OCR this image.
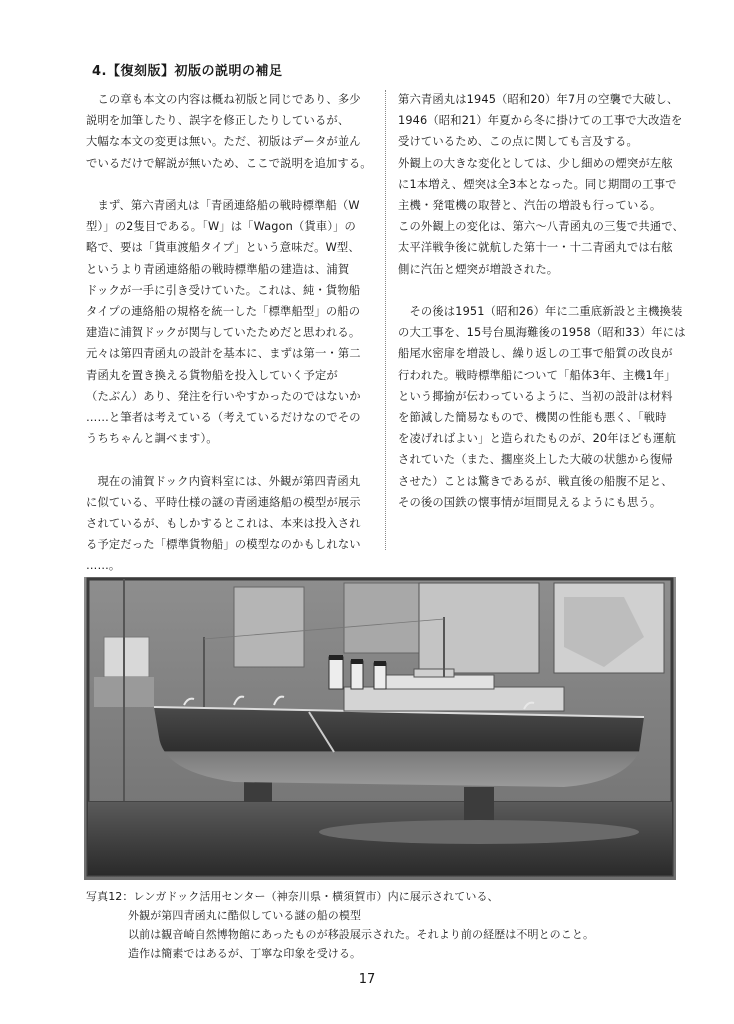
4.【復刻版】初版の説明の補足

　この章も本文の内容は概ね初版と同じであり、多少

説明を加筆したり、誤字を修正したりしているが、

大幅な本文の変更は無い。ただ、初版はデータが並ん

でいるだけで解説が無いため、ここで説明を追加する。

　まず、第六青函丸は「青函連絡船の戦時標準船（W

型）」の2隻目である。「W」は「Wagon（貨車）」の

略で、要は「貨車渡船タイプ」という意味だ。W型、

というより青函連絡船の戦時標準船の建造は、浦賀

ドックが一手に引き受けていた。これは、純・貨物船

タイプの連絡船の規格を統一した「標準船型」の船の

建造に浦賀ドックが関与していたためだと思われる。

元々は第四青函丸の設計を基本に、まずは第一・第二

青函丸を置き換える貨物船を投入していく予定が

（たぶん）あり、発注を行いやすかったのではないか

……と筆者は考えている（考えているだけなのでその

うちちゃんと調べます）。

　現在の浦賀ドック内資料室には、外観が第四青函丸

に似ている、平時仕様の謎の青函連絡船の模型が展示

されているが、もしかするとこれは、本来は投入され

る予定だった「標準貨物船」の模型なのかもしれない

……。

第六青函丸は1945（昭和20）年7月の空襲で大破し、

1946（昭和21）年夏から冬に掛けての工事で大改造を

受けているため、この点に関しても言及する。

外観上の大きな変化としては、少し細めの煙突が左舷

に1本増え、煙突は全3本となった。同じ期間の工事で

主機・発電機の取替と、汽缶の増設も行っている。

この外観上の変化は、第六～八青函丸の三隻で共通で、

太平洋戦争後に就航した第十一・十二青函丸では右舷

側に汽缶と煙突が増設された。

　その後は1951（昭和26）年に二重底新設と主機換装

の大工事を、15号台風海難後の1958（昭和33）年には

船尾水密扉を増設し、繰り返しの工事で船質の改良が

行われた。戦時標準船について「船体3年、主機1年」

という揶揄が伝わっているように、当初の設計は材料

を節減した簡易なもので、機関の性能も悪く、「戦時

を凌げればよい」と造られたものが、20年ほども運航

されていた（また、擱座炎上した大破の状態から復帰

させた）ことは驚きであるが、戦直後の船腹不足と、

その後の国鉄の懐事情が垣間見えるようにも思う。

写真12：レンガドック活用センター（神奈川県・横須賀市）内に展示されている、

外観が第四青函丸に酷似している謎の船の模型

以前は観音崎自然博物館にあったものが移設展示された。それより前の経歴は不明とのこと。

造作は簡素ではあるが、丁寧な印象を受ける。

17
